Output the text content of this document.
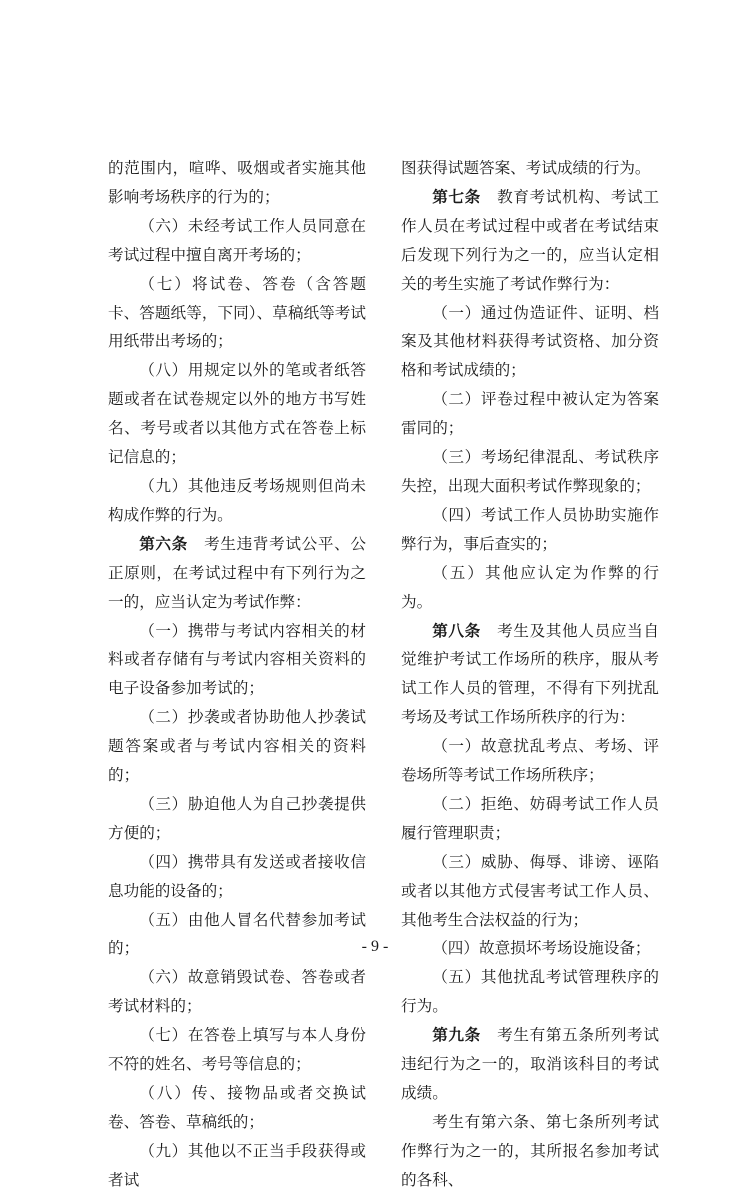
的范围内，喧哗、吸烟或者实施其他影响考场秩序的行为的；

（六）未经考试工作人员同意在考试过程中擅自离开考场的；

（七）将试卷、答卷（含答题卡、答题纸等，下同）、草稿纸等考试用纸带出考场的；

（八）用规定以外的笔或者纸答题或者在试卷规定以外的地方书写姓名、考号或者以其他方式在答卷上标记信息的；

（九）其他违反考场规则但尚未构成作弊的行为。

第六条　考生违背考试公平、公正原则，在考试过程中有下列行为之一的，应当认定为考试作弊：

（一）携带与考试内容相关的材料或者存储有与考试内容相关资料的电子设备参加考试的；

（二）抄袭或者协助他人抄袭试题答案或者与考试内容相关的资料的；

（三）胁迫他人为自己抄袭提供方便的；

（四）携带具有发送或者接收信息功能的设备的；

（五）由他人冒名代替参加考试的；

（六）故意销毁试卷、答卷或者考试材料的；

（七）在答卷上填写与本人身份不符的姓名、考号等信息的；

（八）传、接物品或者交换试卷、答卷、草稿纸的；

（九）其他以不正当手段获得或者试

图获得试题答案、考试成绩的行为。

第七条　教育考试机构、考试工作人员在考试过程中或者在考试结束后发现下列行为之一的，应当认定相关的考生实施了考试作弊行为：

（一）通过伪造证件、证明、档案及其他材料获得考试资格、加分资格和考试成绩的；

（二）评卷过程中被认定为答案雷同的；

（三）考场纪律混乱、考试秩序失控，出现大面积考试作弊现象的；

（四）考试工作人员协助实施作弊行为，事后查实的；

（五）其他应认定为作弊的行为。

第八条　考生及其他人员应当自觉维护考试工作场所的秩序，服从考试工作人员的管理，不得有下列扰乱考场及考试工作场所秩序的行为：

（一）故意扰乱考点、考场、评卷场所等考试工作场所秩序；

（二）拒绝、妨碍考试工作人员履行管理职责；

（三）威胁、侮辱、诽谤、诬陷或者以其他方式侵害考试工作人员、其他考生合法权益的行为；

（四）故意损坏考场设施设备；

（五）其他扰乱考试管理秩序的行为。

第九条　考生有第五条所列考试违纪行为之一的，取消该科目的考试成绩。

考生有第六条、第七条所列考试作弊行为之一的，其所报名参加考试的各科、

- 9 -
